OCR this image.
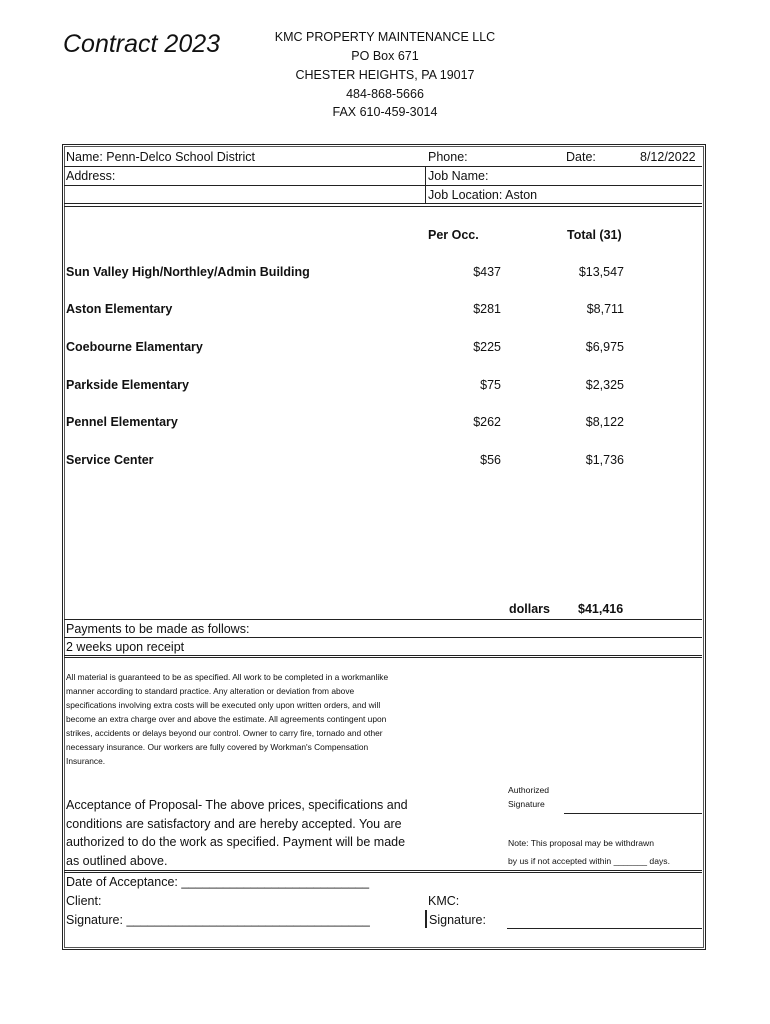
Contract 2023	KMC PROPERTY MAINTENANCE LLC
PO Box 671
CHESTER HEIGHTS, PA 19017
484-868-5666
FAX 610-459-3014
Name: Penn-Delco School District	Phone:	Date:	8/12/2022
Address:	Job Name:
Job Location: Aston
Per Occ.	Total (31)
Sun Valley High/Northley/Admin Building	$437	$13,547
Aston Elementary	$281	$8,711
Coebourne Elamentary	$225	$6,975
Parkside Elementary	$75	$2,325
Pennel Elementary	$262	$8,122
Service Center	$56	$1,736
dollars $41,416
Payments to be made as follows:
2 weeks upon receipt
All material is guaranteed to be as specified. All work to be completed in a workmanlike
manner according to standard practice. Any alteration or deviation from above
specifications involving extra costs will be executed only upon written orders, and will
become an extra charge over and above the estimate. All agreements contingent upon
strikes, accidents or delays beyond our control. Owner to carry fire, tornado and other
necessary insurance. Our workers are fully covered by Workman's Compensation
Insurance.
Authorized
Signature
Acceptance of Proposal- The above prices, specifications and
conditions are satisfactory and are hereby accepted. You are
authorized to do the work as specified. Payment will be made
as outlined above.
Note: This proposal may be withdrawn
by us if not accepted within _______ days.
Date of Acceptance: ___________________________
Client:
Signature: ___________________________________
KMC:
Signature:
